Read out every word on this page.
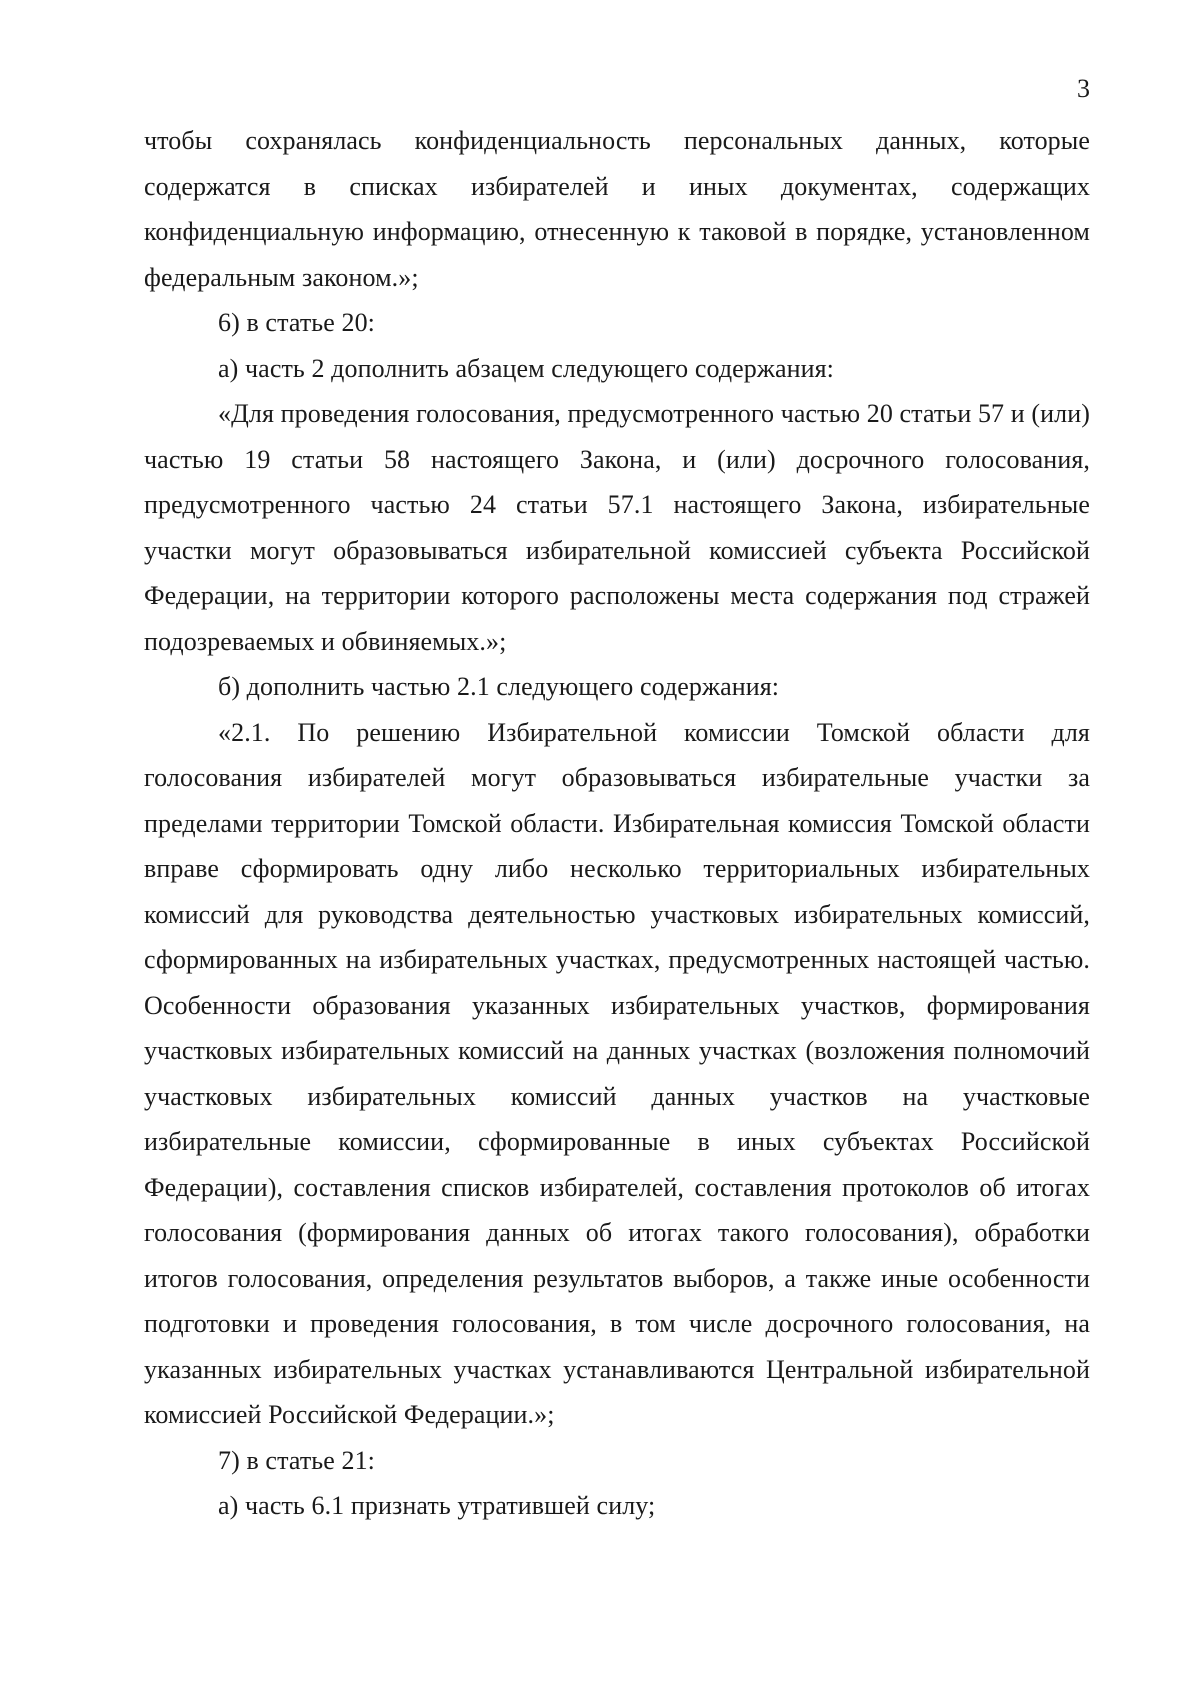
3

чтобы сохранялась конфиденциальность персональных данных, которые содержатся в списках избирателей и иных документах, содержащих конфиденциальную информацию, отнесенную к таковой в порядке, установленном федеральным законом.»;

6) в статье 20:

а) часть 2 дополнить абзацем следующего содержания:

«Для проведения голосования, предусмотренного частью 20 статьи 57 и (или) частью 19 статьи 58 настоящего Закона, и (или) досрочного голосования, предусмотренного частью 24 статьи 57.1 настоящего Закона, избирательные участки могут образовываться избирательной комиссией субъекта Российской Федерации, на территории которого расположены места содержания под стражей подозреваемых и обвиняемых.»;

б) дополнить частью 2.1 следующего содержания:

«2.1. По решению Избирательной комиссии Томской области для голосования избирателей могут образовываться избирательные участки за пределами территории Томской области. Избирательная комиссия Томской области вправе сформировать одну либо несколько территориальных избирательных комиссий для руководства деятельностью участковых избирательных комиссий, сформированных на избирательных участках, предусмотренных настоящей частью. Особенности образования указанных избирательных участков, формирования участковых избирательных комиссий на данных участках (возложения полномочий участковых избирательных комиссий данных участков на участковые избирательные комиссии, сформированные в иных субъектах Российской Федерации), составления списков избирателей, составления протоколов об итогах голосования (формирования данных об итогах такого голосования), обработки итогов голосования, определения результатов выборов, а также иные особенности подготовки и проведения голосования, в том числе досрочного голосования, на указанных избирательных участках устанавливаются Центральной избирательной комиссией Российской Федерации.»;

7) в статье 21:

а) часть 6.1 признать утратившей силу;
